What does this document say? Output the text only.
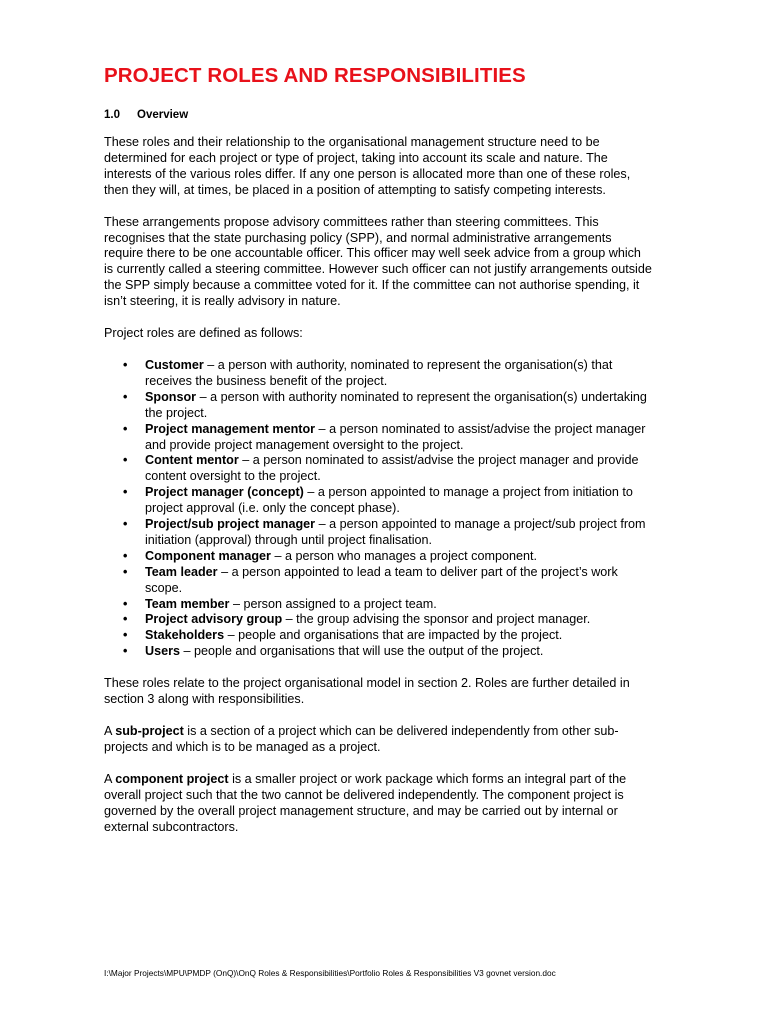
PROJECT ROLES AND RESPONSIBILITIES
1.0 Overview

These roles and their relationship to the organisational management structure need to be determined for each project or type of project, taking into account its scale and nature. The interests of the various roles differ. If any one person is allocated more than one of these roles, then they will, at times, be placed in a position of attempting to satisfy competing interests.

These arrangements propose advisory committees rather than steering committees. This recognises that the state purchasing policy (SPP), and normal administrative arrangements require there to be one accountable officer. This officer may well seek advice from a group which is currently called a steering committee. However such officer can not justify arrangements outside the SPP simply because a committee voted for it. If the committee can not authorise spending, it isn’t steering, it is really advisory in nature.

Project roles are defined as follows:

• Customer – a person with authority, nominated to represent the organisation(s) that receives the business benefit of the project.
• Sponsor – a person with authority nominated to represent the organisation(s) undertaking the project.
• Project management mentor – a person nominated to assist/advise the project manager and provide project management oversight to the project.
• Content mentor – a person nominated to assist/advise the project manager and provide content oversight to the project.
• Project manager (concept) – a person appointed to manage a project from initiation to project approval (i.e. only the concept phase).
• Project/sub project manager – a person appointed to manage a project/sub project from initiation (approval) through until project finalisation.
• Component manager – a person who manages a project component.
• Team leader – a person appointed to lead a team to deliver part of the project’s work scope.
• Team member – person assigned to a project team.
• Project advisory group – the group advising the sponsor and project manager.
• Stakeholders – people and organisations that are impacted by the project.
• Users – people and organisations that will use the output of the project.

These roles relate to the project organisational model in section 2. Roles are further detailed in section 3 along with responsibilities.

A sub-project is a section of a project which can be delivered independently from other sub-projects and which is to be managed as a project.

A component project is a smaller project or work package which forms an integral part of the overall project such that the two cannot be delivered independently. The component project is governed by the overall project management structure, and may be carried out by internal or external subcontractors.

I:\Major Projects\MPU\PMDP (OnQ)\OnQ Roles & Responsibilities\Portfolio Roles & Responsibilities V3 govnet version.doc
